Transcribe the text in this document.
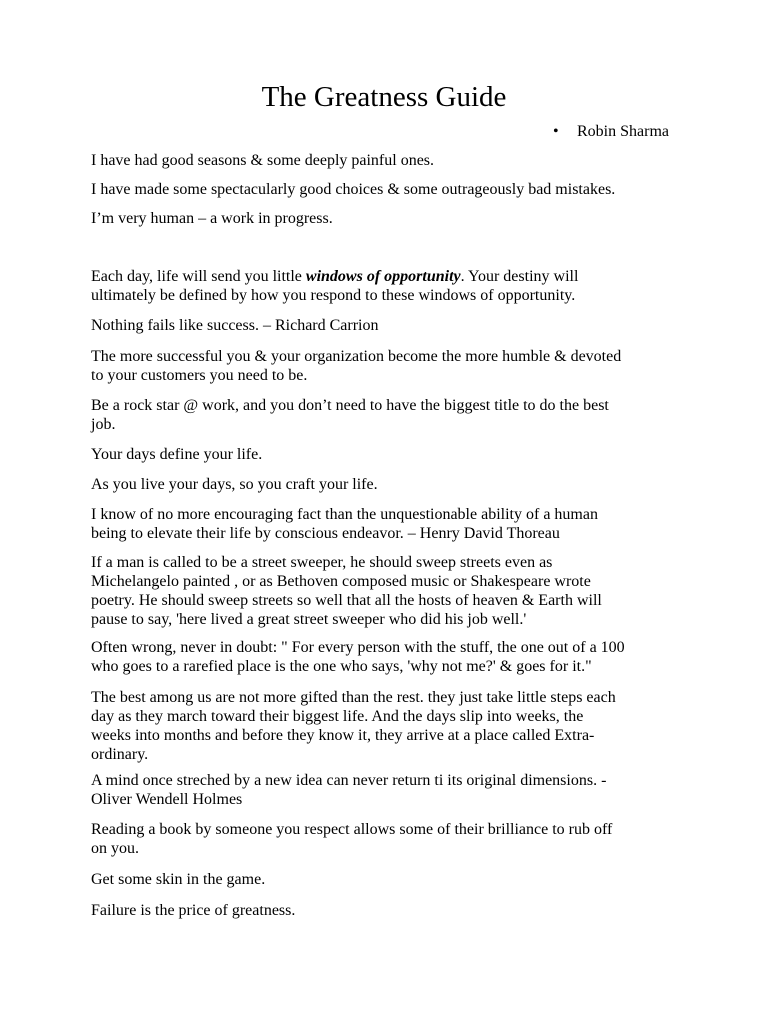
The Greatness Guide
• Robin Sharma

I have had good seasons & some deeply painful ones.

I have made some spectacularly good choices & some outrageously bad mistakes.

I’m very human – a work in progress.

Each day, life will send you little windows of opportunity. Your destiny will
ultimately be defined by how you respond to these windows of opportunity.

Nothing fails like success. – Richard Carrion

The more successful you & your organization become the more humble & devoted
to your customers you need to be.

Be a rock star @ work, and you don’t need to have the biggest title to do the best
job.

Your days define your life.

As you live your days, so you craft your life.

I know of no more encouraging fact than the unquestionable ability of a human
being to elevate their life by conscious endeavor. – Henry David Thoreau

If a man is called to be a street sweeper, he should sweep streets even as
Michelangelo painted , or as Bethoven composed music or Shakespeare wrote
poetry. He should sweep streets so well that all the hosts of heaven & Earth will
pause to say, 'here lived a great street sweeper who did his job well.'

Often wrong, never in doubt: " For every person with the stuff, the one out of a 100
who goes to a rarefied place is the one who says, 'why not me?' & goes for it."

The best among us are not more gifted than the rest. they just take little steps each
day as they march toward their biggest life. And the days slip into weeks, the
weeks into months and before they know it, they arrive at a place called Extra-
ordinary.

A mind once streched by a new idea can never return ti its original dimensions. -
Oliver Wendell Holmes

Reading a book by someone you respect allows some of their brilliance to rub off
on you.

Get some skin in the game.

Failure is the price of greatness.
